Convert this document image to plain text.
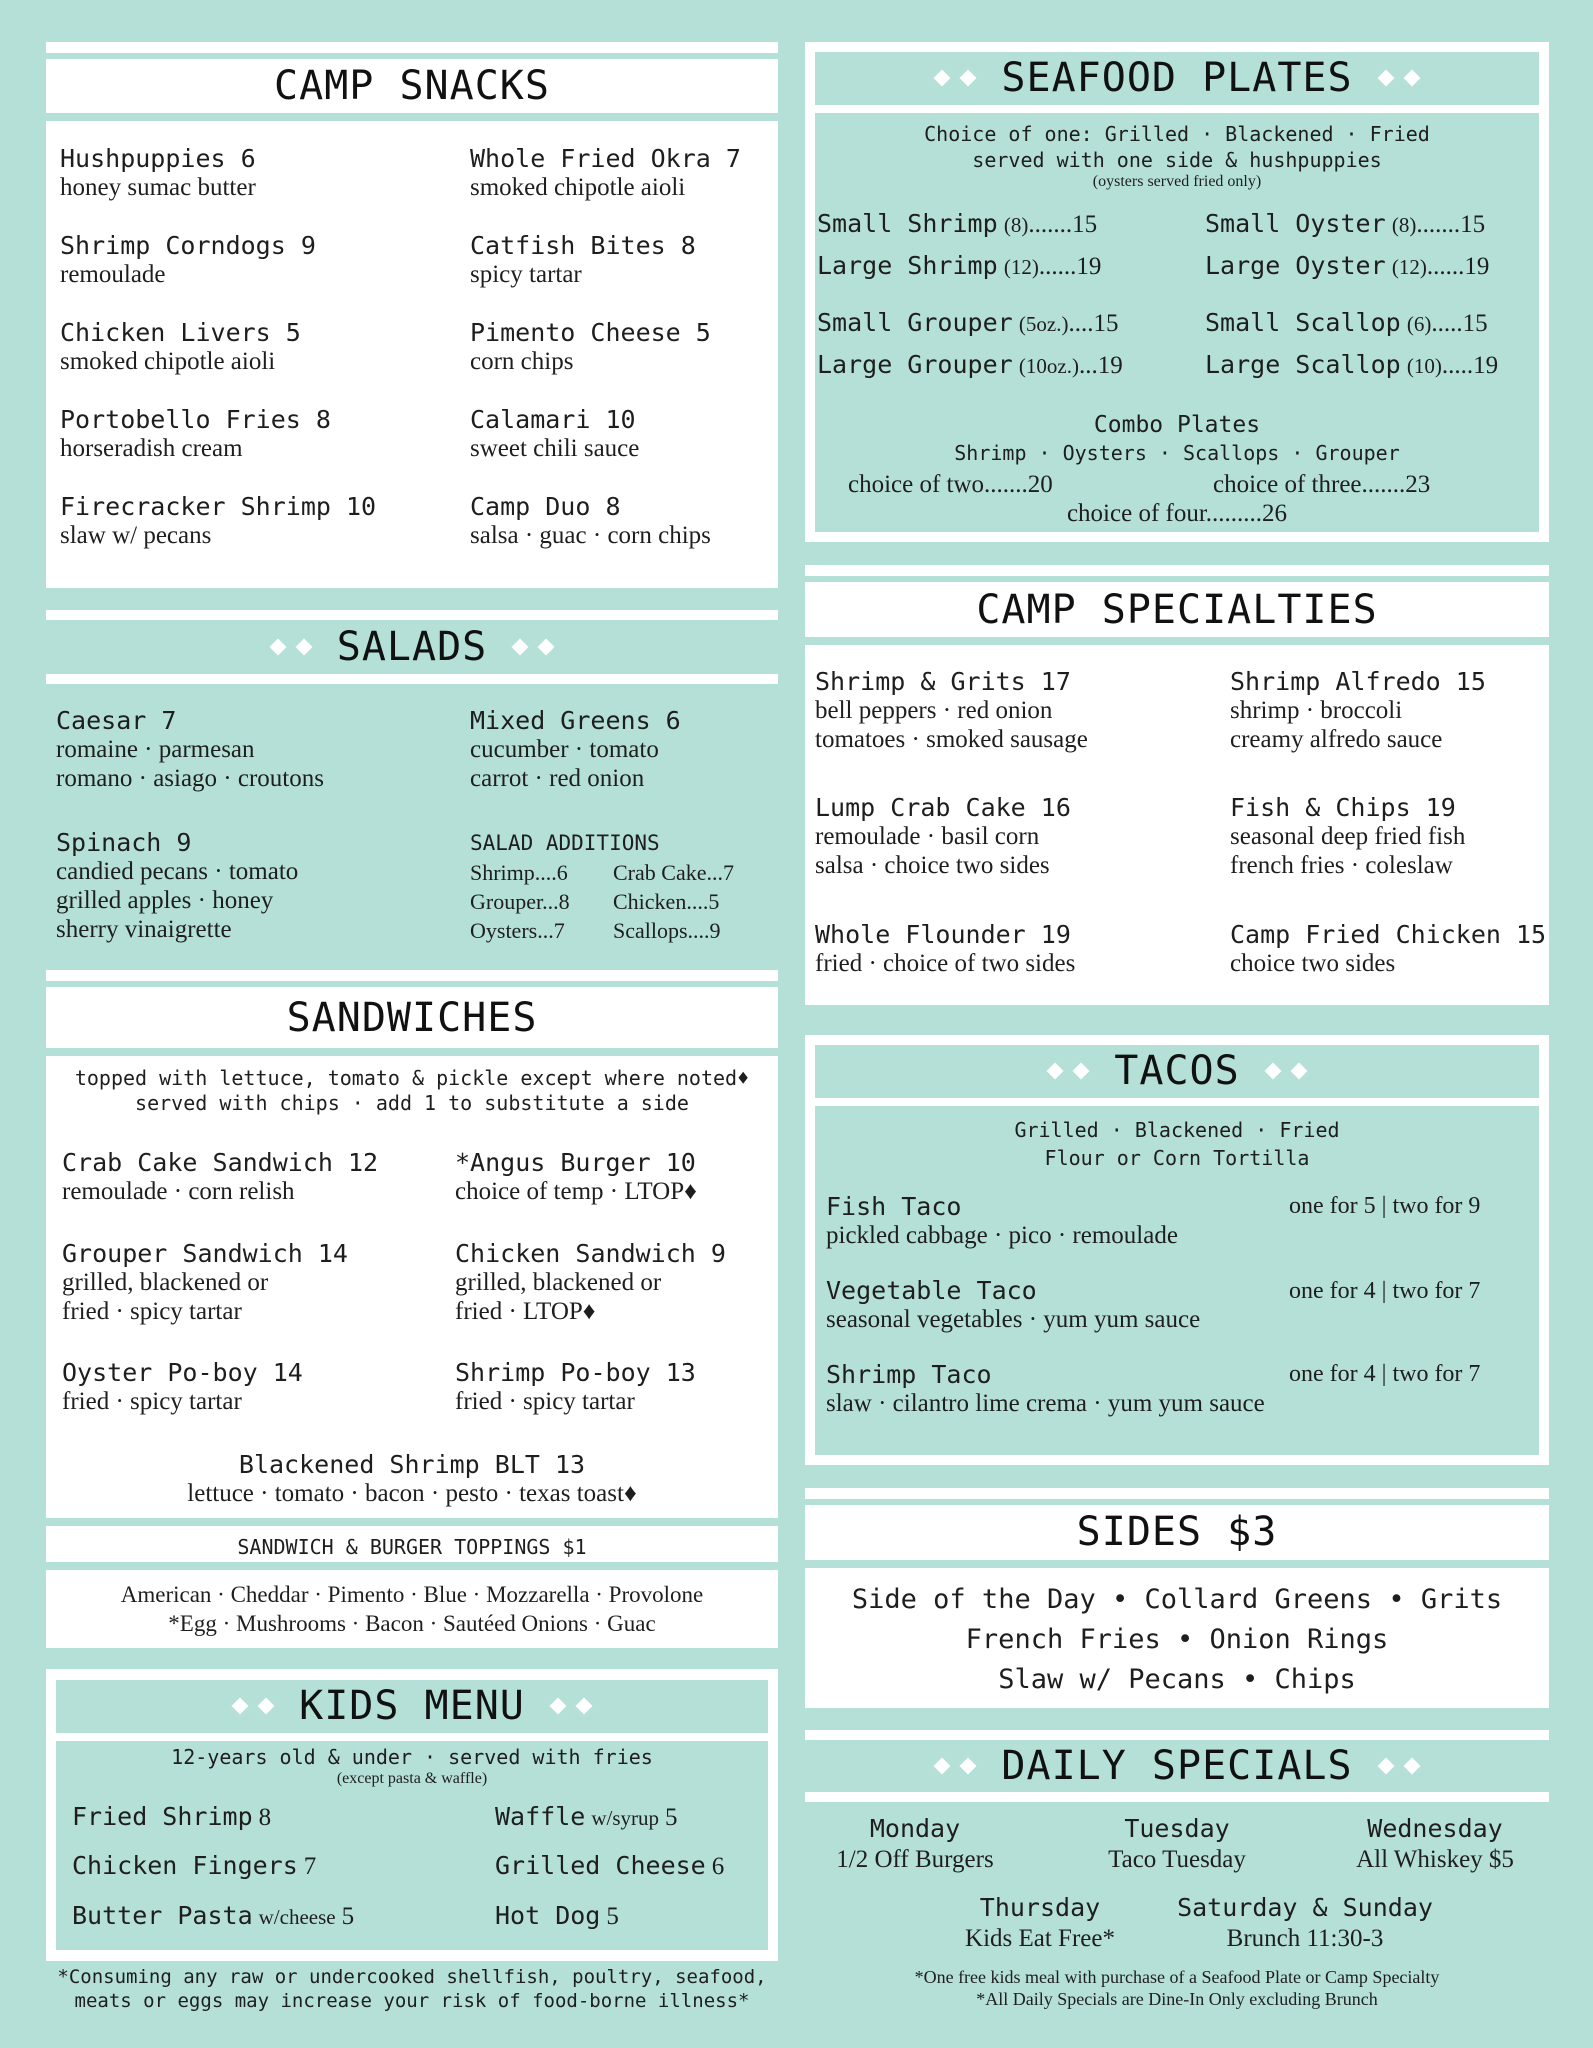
CAMP SNACKS
Hushpuppies 6
honey sumac butter
Shrimp Corndogs 9
remoulade
Chicken Livers 5
smoked chipotle aioli
Portobello Fries 8
horseradish cream
Firecracker Shrimp 10
slaw w/ pecans
Whole Fried Okra 7
smoked chipotle aioli
Catfish Bites 8
spicy tartar
Pimento Cheese 5
corn chips
Calamari 10
sweet chili sauce
Camp Duo 8
salsa · guac · corn chips
SALADS
Caesar 7
romaine · parmesan
romano · asiago · croutons
Spinach 9
candied pecans · tomato
grilled apples · honey
sherry vinaigrette
Mixed Greens 6
cucumber · tomato
carrot · red onion
SALAD ADDITIONS
Shrimp....6 Crab Cake...7
Grouper...8 Chicken....5
Oysters...7 Scallops....9
SANDWICHES
topped with lettuce, tomato & pickle except where noted♦
served with chips · add 1 to substitute a side
Crab Cake Sandwich 12
remoulade · corn relish
Grouper Sandwich 14
grilled, blackened or
fried · spicy tartar
Oyster Po-boy 14
fried · spicy tartar
*Angus Burger 10
choice of temp · LTOP♦
Chicken Sandwich 9
grilled, blackened or
fried · LTOP♦
Shrimp Po-boy 13
fried · spicy tartar
Blackened Shrimp BLT 13
lettuce · tomato · bacon · pesto · texas toast♦
SANDWICH & BURGER TOPPINGS $1
American · Cheddar · Pimento · Blue · Mozzarella · Provolone
*Egg · Mushrooms · Bacon · Sautéed Onions · Guac
KIDS MENU
12-years old & under · served with fries
(except pasta & waffle)
Fried Shrimp 8
Chicken Fingers 7
Butter Pasta w/cheese 5
Waffle w/syrup 5
Grilled Cheese 6
Hot Dog 5
*Consuming any raw or undercooked shellfish, poultry, seafood,
meats or eggs may increase your risk of food-borne illness*
SEAFOOD PLATES
Choice of one: Grilled · Blackened · Fried
served with one side & hushpuppies
(oysters served fried only)
Small Shrimp (8).......15
Large Shrimp (12)......19
Small Grouper (5oz.)....15
Large Grouper (10oz.)...19
Small Oyster (8).......15
Large Oyster (12)......19
Small Scallop (6).....15
Large Scallop (10).....19
Combo Plates
Shrimp · Oysters · Scallops · Grouper
choice of two.......20	choice of three.......23
choice of four.........26
CAMP SPECIALTIES
Shrimp & Grits 17
bell peppers · red onion
tomatoes · smoked sausage
Lump Crab Cake 16
remoulade · basil corn
salsa · choice two sides
Whole Flounder 19
fried · choice of two sides
Shrimp Alfredo 15
shrimp · broccoli
creamy alfredo sauce
Fish & Chips 19
seasonal deep fried fish
french fries · coleslaw
Camp Fried Chicken 15
choice two sides
TACOS
Grilled · Blackened · Fried
Flour or Corn Tortilla
Fish Taco
pickled cabbage · pico · remoulade
one for 5 | two for 9
Vegetable Taco
seasonal vegetables · yum yum sauce
one for 4 | two for 7
Shrimp Taco
slaw · cilantro lime crema · yum yum sauce
one for 4 | two for 7
SIDES $3
Side of the Day • Collard Greens • Grits
French Fries • Onion Rings
Slaw w/ Pecans • Chips
DAILY SPECIALS
Monday
1/2 Off Burgers
Tuesday
Taco Tuesday
Wednesday
All Whiskey $5
Thursday
Kids Eat Free*
Saturday & Sunday
Brunch 11:30-3
*One free kids meal with purchase of a Seafood Plate or Camp Specialty
*All Daily Specials are Dine-In Only excluding Brunch
